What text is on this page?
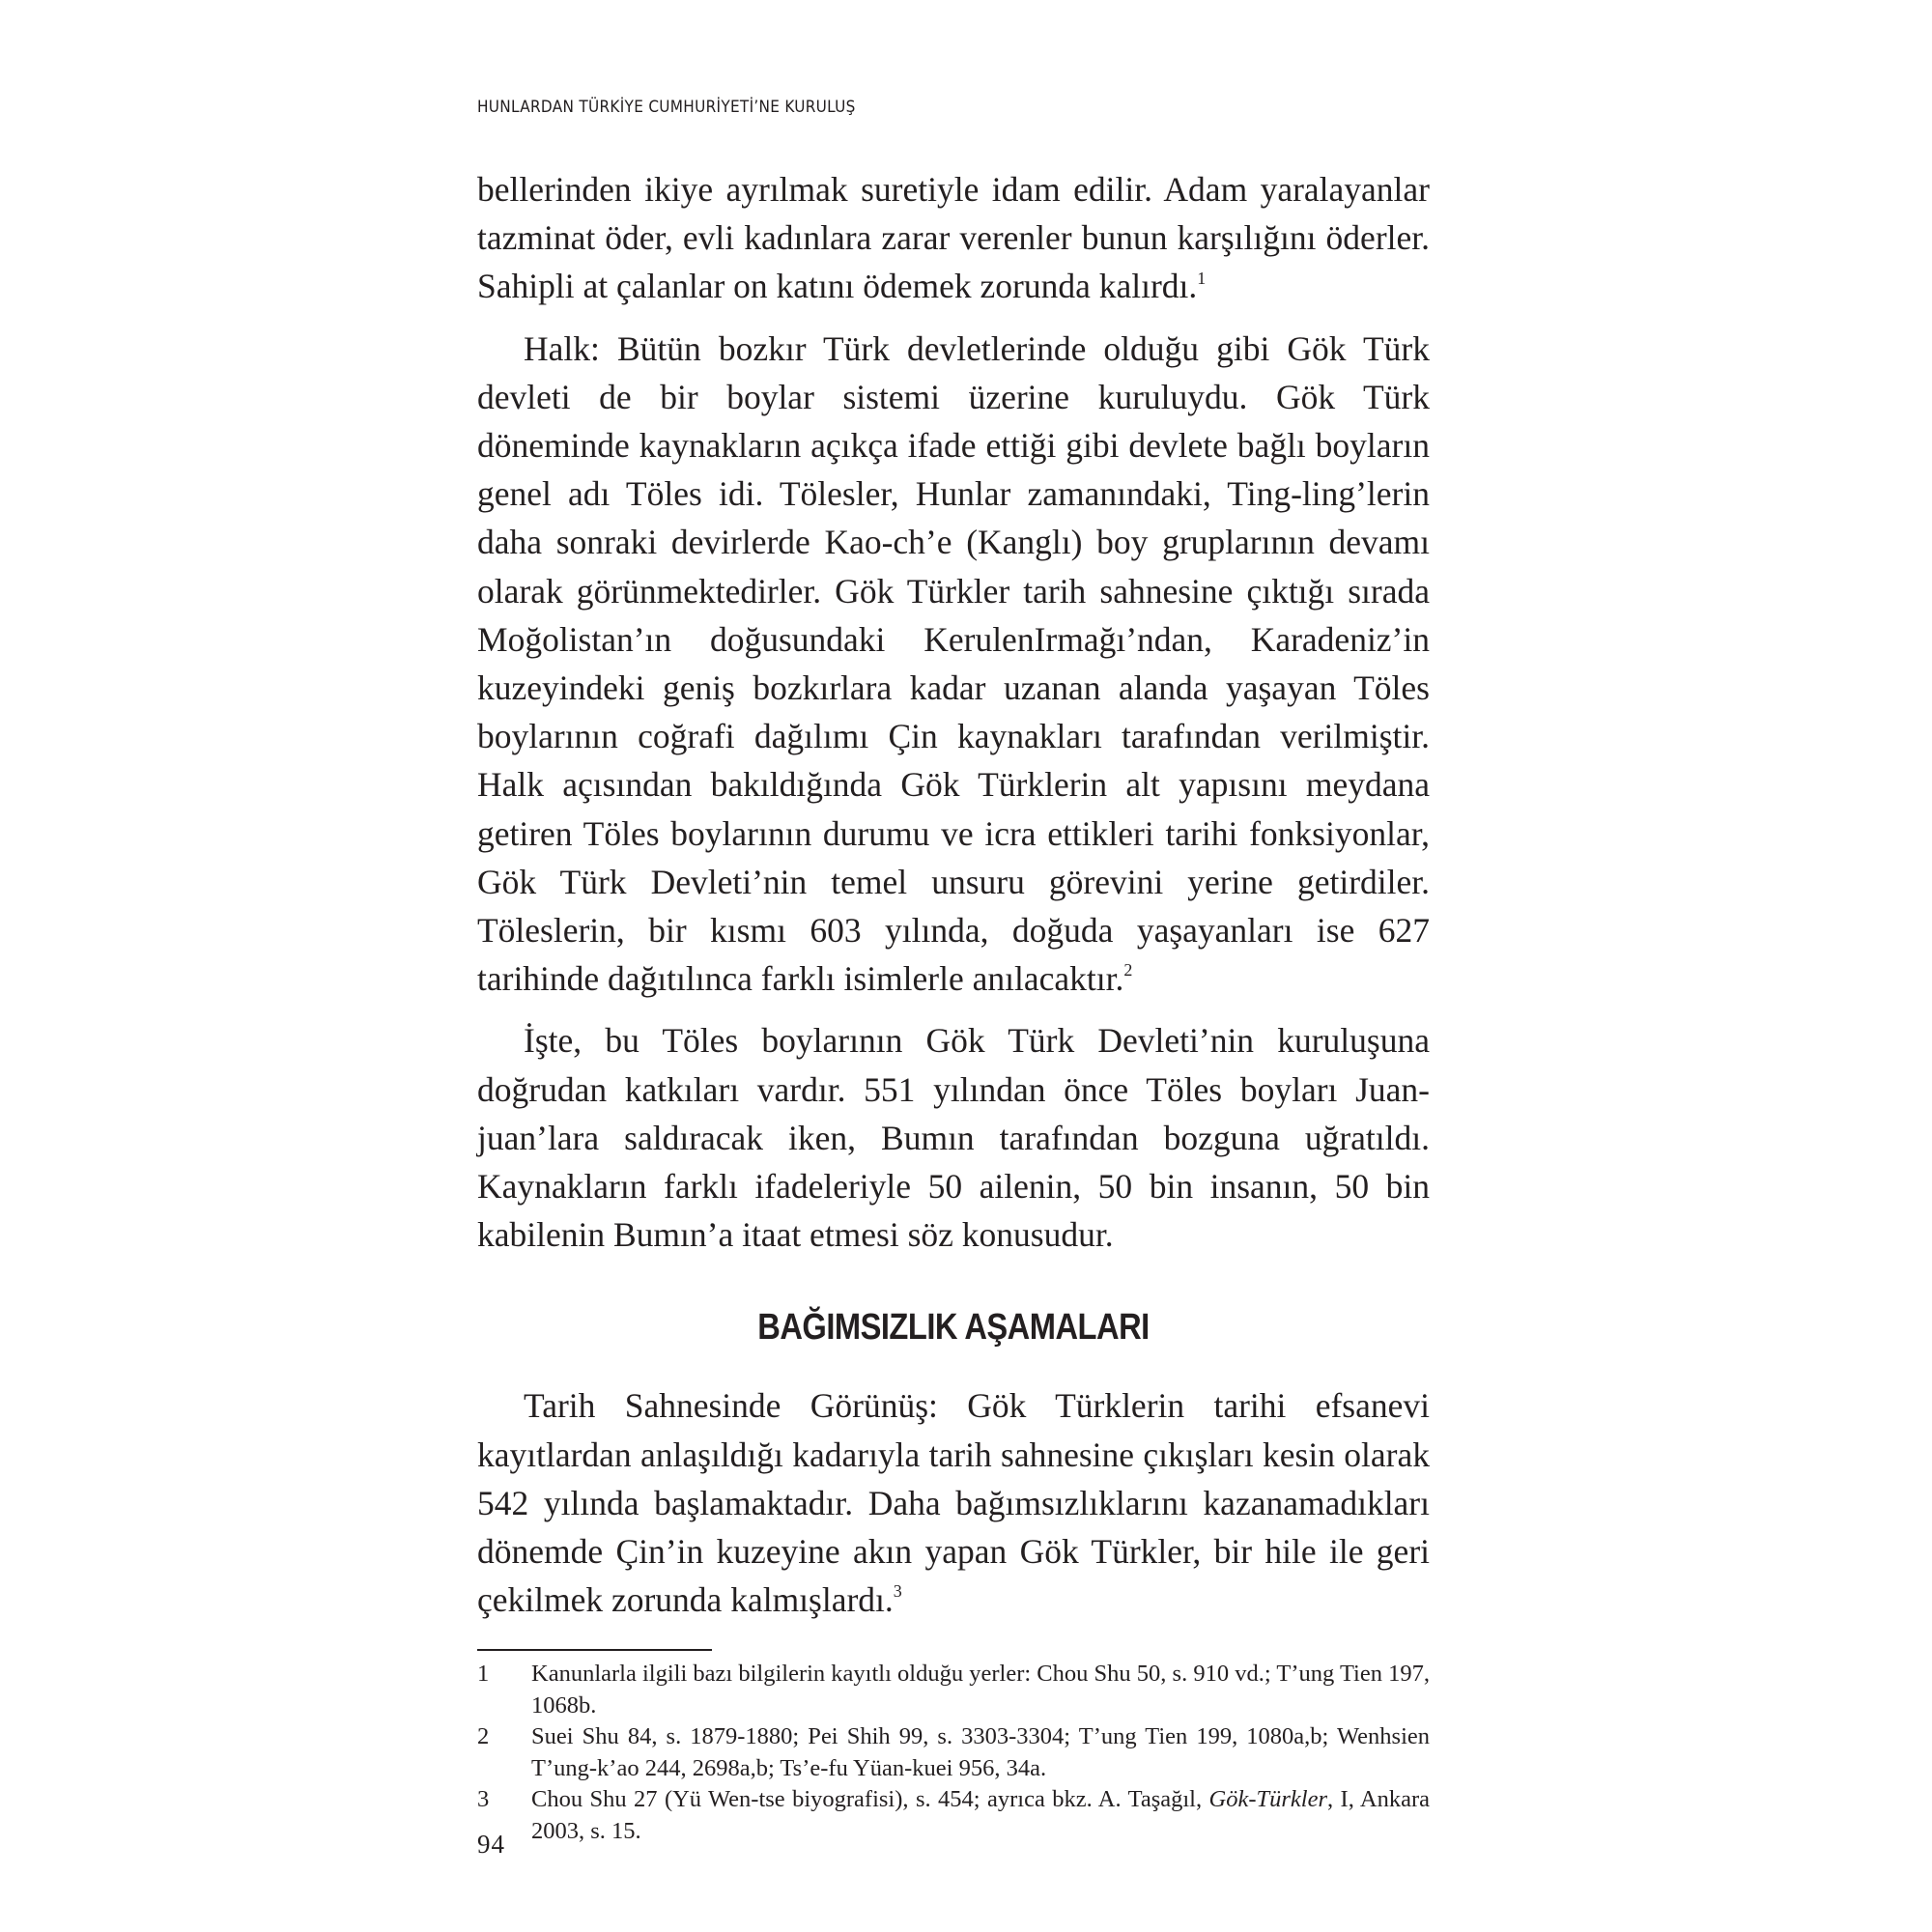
HUNLARDAN TÜRKİYE CUMHURİYETİ’NE KURULUŞ

bellerinden ikiye ayrılmak suretiyle idam edilir. Adam yaralayanlar tazminat öder, evli kadınlara zarar verenler bunun karşılığını öderler. Sahipli at çalanlar on katını ödemek zorunda kalırdı.$^1$

Halk: Bütün bozkır Türk devletlerinde olduğu gibi Gök Türk devleti de bir boylar sistemi üzerine kuruluydu. Gök Türk döneminde kaynakların açıkça ifade ettiği gibi devlete bağlı boyların genel adı Töles idi. Tölesler, Hunlar zamanındaki, Ting-ling’lerin daha sonraki devirlerde Kao-ch’e (Kanglı) boy gruplarının devamı olarak görünmektedirler. Gök Türkler tarih sahnesine çıktığı sırada Moğolistan’ın doğusundaki KerulenIrmağı’ndan, Karadeniz’in kuzeyindeki geniş bozkırlara kadar uzanan alanda yaşayan Töles boylarının coğrafi dağılımı Çin kaynakları tarafından verilmiştir. Halk açısından bakıldığında Gök Türklerin alt yapısını meydana getiren Töles boylarının durumu ve icra ettikleri tarihi fonksiyonlar, Gök Türk Devleti’nin temel unsuru görevini yerine getirdiler. Töleslerin, bir kısmı 603 yılında, doğuda yaşayanları ise 627 tarihinde dağıtılınca farklı isimlerle anılacaktır.$^2$

İşte, bu Töles boylarının Gök Türk Devleti’nin kuruluşuna doğrudan katkıları vardır. 551 yılından önce Töles boyları Juan-juan’lara saldıracak iken, Bumın tarafından bozguna uğratıldı. Kaynakların farklı ifadeleriyle 50 ailenin, 50 bin insanın, 50 bin kabilenin Bumın’a itaat etmesi söz konusudur.

BAĞIMSIZLIK AŞAMALARI

Tarih Sahnesinde Görünüş: Gök Türklerin tarihi efsanevi kayıtlardan anlaşıldığı kadarıyla tarih sahnesine çıkışları kesin olarak 542 yılında başlamaktadır. Daha bağımsızlıklarını kazanamadıkları dönemde Çin’in kuzeyine akın yapan Gök Türkler, bir hile ile geri çekilmek zorunda kalmışlardı.$^3$

1	Kanunlarla ilgili bazı bilgilerin kayıtlı olduğu yerler: Chou Shu 50, s. 910 vd.; T’ung Tien 197, 1068b.
2	Suei Shu 84, s. 1879-1880; Pei Shih 99, s. 3303-3304; T’ung Tien 199, 1080a,b; Wenhsien T’ung-k’ao 244, 2698a,b; Ts’e-fu Yüan-kuei 956, 34a.
3	Chou Shu 27 (Yü Wen-tse biyografisi), s. 454; ayrıca bkz. A. Taşağıl, Gök-Türkler, I, Ankara 2003, s. 15.
94
